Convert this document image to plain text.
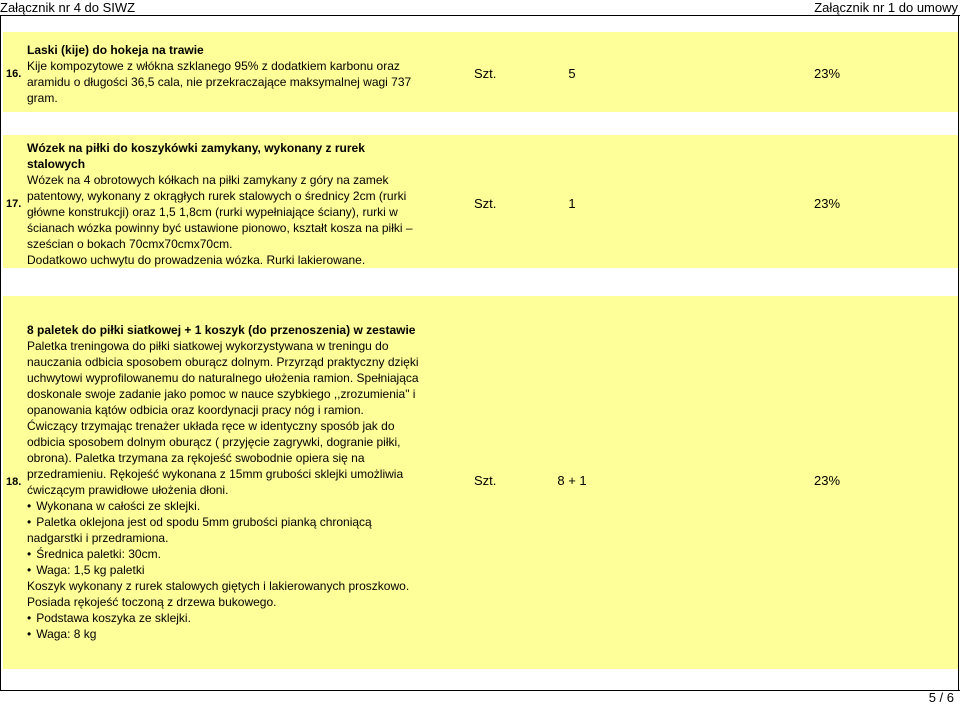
Załącznik nr 4 do SIWZ	Załącznik nr 1 do umowy
16.
Laski (kije) do hokeja na trawie
Kije kompozytowe z włókna szklanego 95% z dodatkiem karbonu oraz
aramidu o długości 36,5 cala, nie przekraczające maksymalnej wagi 737
gram.
Szt.	5	23%
17.
Wózek na piłki do koszykówki zamykany, wykonany z rurek
stalowych
Wózek na 4 obrotowych kółkach na piłki zamykany z góry na zamek
patentowy, wykonany z okrągłych rurek stalowych o średnicy 2cm (rurki
główne konstrukcji) oraz 1,5 1,8cm (rurki wypełniające ściany), rurki w
ścianach wózka powinny być ustawione pionowo, kształt kosza na piłki –
sześcian o bokach 70cmx70cmx70cm.
Dodatkowo uchwytu do prowadzenia wózka. Rurki lakierowane.
Szt.	1	23%
18.
8 paletek do piłki siatkowej + 1 koszyk (do przenoszenia) w zestawie
Paletka treningowa do piłki siatkowej wykorzystywana w treningu do
nauczania odbicia sposobem oburącz dolnym. Przyrząd praktyczny dzięki
uchwytowi wyprofilowanemu do naturalnego ułożenia ramion. Spełniająca
doskonale swoje zadanie jako pomoc w nauce szybkiego ,,zrozumienia" i
opanowania kątów odbicia oraz koordynacji pracy nóg i ramion.
Ćwiczący trzymając trenażer układa ręce w identyczny sposób jak do
odbicia sposobem dolnym oburącz ( przyjęcie zagrywki, dogranie piłki,
obrona). Paletka trzymana za rękojeść swobodnie opiera się na
przedramieniu. Rękojeść wykonana z 15mm grubości sklejki umożliwia
ćwiczącym prawidłowe ułożenia dłoni.
• Wykonana w całości ze sklejki.
• Paletka oklejona jest od spodu 5mm grubości pianką chroniącą
nadgarstki i przedramiona.
• Średnica paletki: 30cm.
• Waga: 1,5 kg paletki
Koszyk wykonany z rurek stalowych giętych i lakierowanych proszkowo.
Posiada rękojeść toczoną z drzewa bukowego.
• Podstawa koszyka ze sklejki.
• Waga: 8 kg
Szt.	8 + 1	23%
5 / 6
